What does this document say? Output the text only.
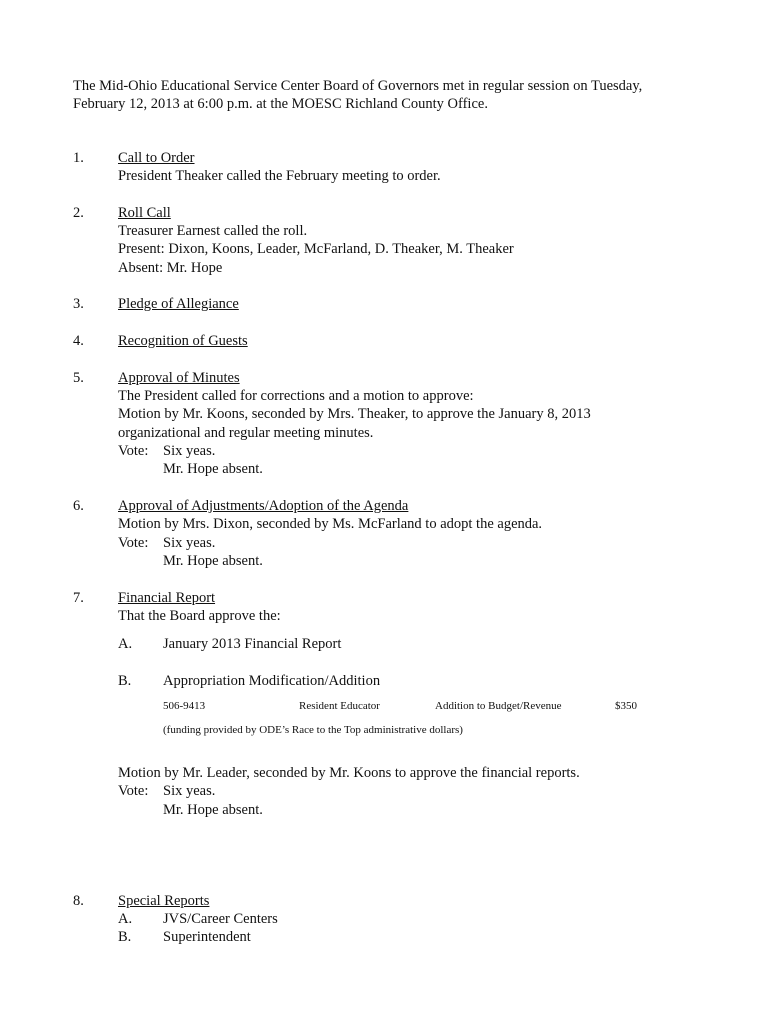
The Mid-Ohio Educational Service Center Board of Governors met in regular session on Tuesday,
February 12, 2013 at 6:00 p.m. at the MOESC Richland County Office.
1. Call to Order
President Theaker called the February meeting to order.
2. Roll Call
Treasurer Earnest called the roll.
Present: Dixon, Koons, Leader, McFarland, D. Theaker, M. Theaker
Absent: Mr. Hope
3. Pledge of Allegiance
4. Recognition of Guests
5. Approval of Minutes
The President called for corrections and a motion to approve:
Motion by Mr. Koons, seconded by Mrs. Theaker, to approve the January 8, 2013
organizational and regular meeting minutes.
Vote: Six yeas.
Mr. Hope absent.
6. Approval of Adjustments/Adoption of the Agenda
Motion by Mrs. Dixon, seconded by Ms. McFarland to adopt the agenda.
Vote: Six yeas.
Mr. Hope absent.
7. Financial Report
That the Board approve the:
A. January 2013 Financial Report
B. Appropriation Modification/Addition
506-9413	Resident Educator	Addition to Budget/Revenue	$350
(funding provided by ODE’s Race to the Top administrative dollars)
Motion by Mr. Leader, seconded by Mr. Koons to approve the financial reports.
Vote: Six yeas.
Mr. Hope absent.
8. Special Reports
A. JVS/Career Centers
B. Superintendent
